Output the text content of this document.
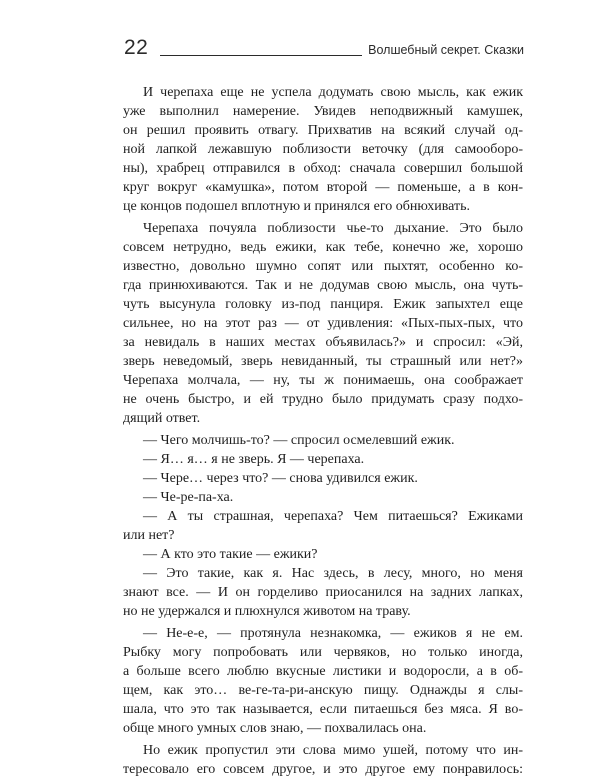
22	Волшебный секрет. Сказки
И черепаха еще не успела додумать свою мысль, как ежик
уже выполнил намерение. Увидев неподвижный камушек,
он решил проявить отвагу. Прихватив на всякий случай од-
ной лапкой лежавшую поблизости веточку (для самооборо-
ны), храбрец отправился в обход: сначала совершил большой
круг вокруг «камушка», потом второй — поменьше, а в кон-
це концов подошел вплотную и принялся его обнюхивать.
Черепаха почуяла поблизости чье-то дыхание. Это было
совсем нетрудно, ведь ежики, как тебе, конечно же, хорошо
известно, довольно шумно сопят или пыхтят, особенно ко-
гда принюхиваются. Так и не додумав свою мысль, она чуть-
чуть высунула головку из-под панциря. Ежик запыхтел еще
сильнее, но на этот раз — от удивления: «Пых-пых-пых, что
за невидаль в наших местах объявилась?» и спросил: «Эй,
зверь неведомый, зверь невиданный, ты страшный или нет?»
Черепаха молчала, — ну, ты ж понимаешь, она соображает
не очень быстро, и ей трудно было придумать сразу подхо-
дящий ответ.
— Чего молчишь-то? — спросил осмелевший ежик.
— Я… я… я не зверь. Я — черепаха.
— Чере… через что? — снова удивился ежик.
— Че-ре-па-ха.
— А ты страшная, черепаха? Чем питаешься? Ежиками
или нет?
— А кто это такие — ежики?
— Это такие, как я. Нас здесь, в лесу, много, но меня
знают все. — И он горделиво приосанился на задних лапках,
но не удержался и плюхнулся животом на траву.
— Не-е-е, — протянула незнакомка, — ежиков я не ем.
Рыбку могу попробовать или червяков, но только иногда,
а больше всего люблю вкусные листики и водоросли, а в об-
щем, как это… ве-ге-та-ри-анскую пищу. Однажды я слы-
шала, что это так называется, если питаешься без мяса. Я во-
обще много умных слов знаю, — похвалилась она.
Но ежик пропустил эти слова мимо ушей, потому что ин-
тересовало его совсем другое, и это другое ему понравилось:
